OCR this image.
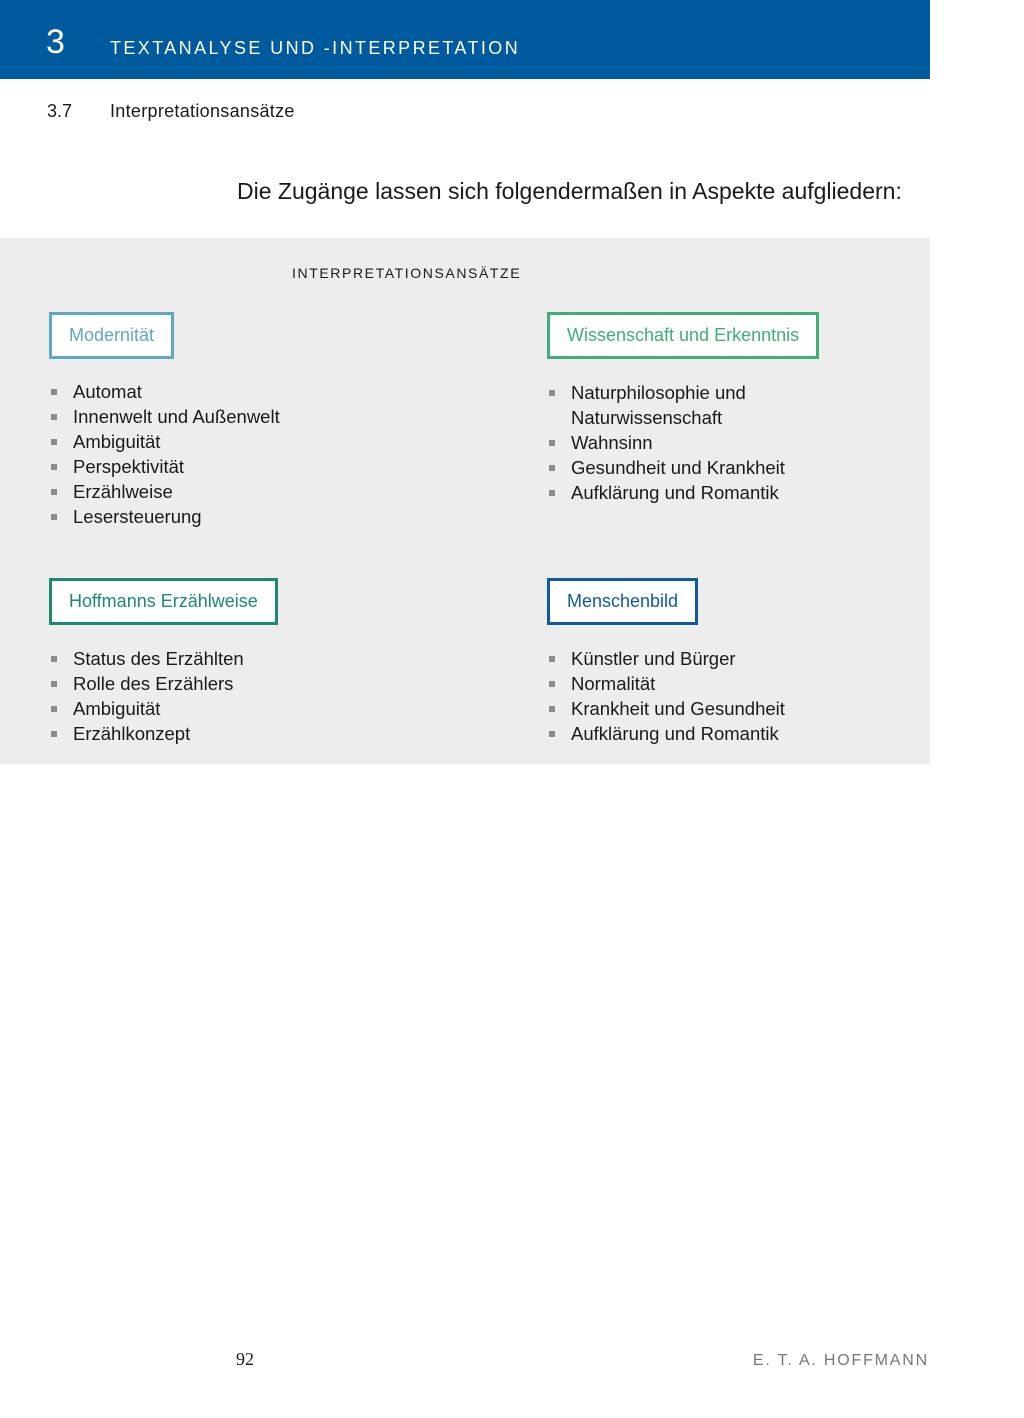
3	TEXTANALYSE UND -INTERPRETATION
3.7 Interpretationsansätze
Die Zugänge lassen sich folgendermaßen in Aspekte aufgliedern:
INTERPRETATIONSANSÄTZE
Modernität
Automat
Innenwelt und Außenwelt
Ambiguität
Perspektivität
Erzählweise
Lesersteuerung
Wissenschaft und Erkenntnis
Naturphilosophie und Naturwissenschaft
Wahnsinn
Gesundheit und Krankheit
Aufklärung und Romantik
Hoffmanns Erzählweise
Status des Erzählten
Rolle des Erzählers
Ambiguität
Erzählkonzept
Menschenbild
Künstler und Bürger
Normalität
Krankheit und Gesundheit
Aufklärung und Romantik
92	E. T. A. HOFFMANN
